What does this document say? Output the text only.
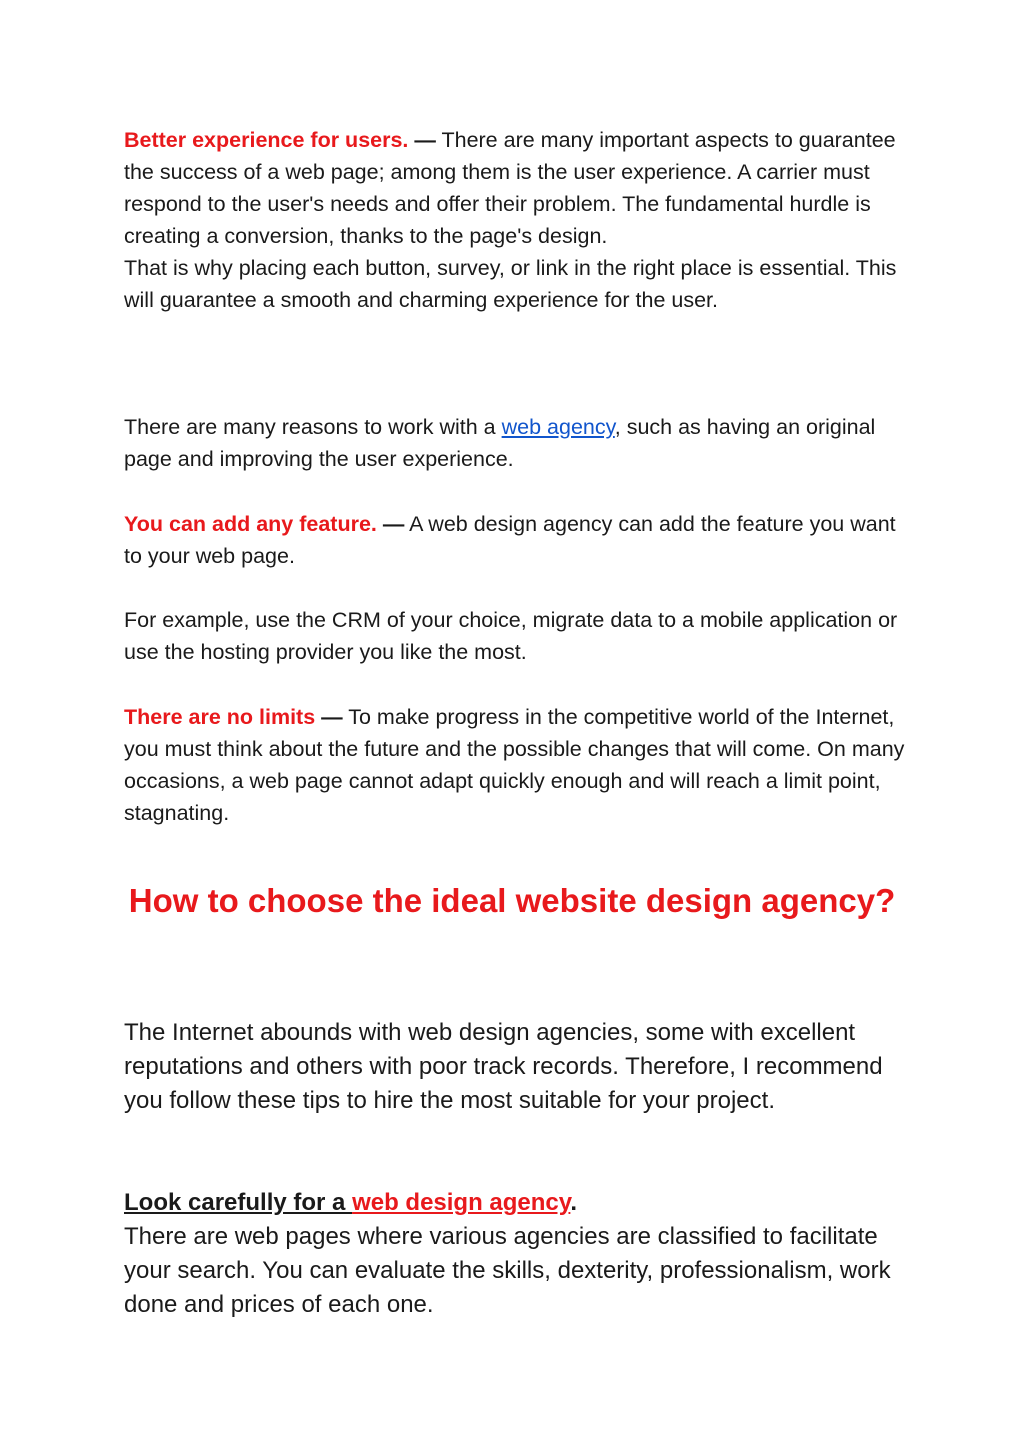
Better experience for users. — There are many important aspects to guarantee the success of a web page; among them is the user experience. A carrier must respond to the user's needs and offer their problem. The fundamental hurdle is creating a conversion, thanks to the page's design.
That is why placing each button, survey, or link in the right place is essential. This will guarantee a smooth and charming experience for the user.

There are many reasons to work with a web agency, such as having an original page and improving the user experience.

You can add any feature. — A web design agency can add the feature you want to your web page.

For example, use the CRM of your choice, migrate data to a mobile application or use the hosting provider you like the most.

There are no limits — To make progress in the competitive world of the Internet, you must think about the future and the possible changes that will come. On many occasions, a web page cannot adapt quickly enough and will reach a limit point, stagnating.

How to choose the ideal website design agency?

The Internet abounds with web design agencies, some with excellent reputations and others with poor track records. Therefore, I recommend you follow these tips to hire the most suitable for your project.

Look carefully for a web design agency.
There are web pages where various agencies are classified to facilitate your search. You can evaluate the skills, dexterity, professionalism, work done and prices of each one.
